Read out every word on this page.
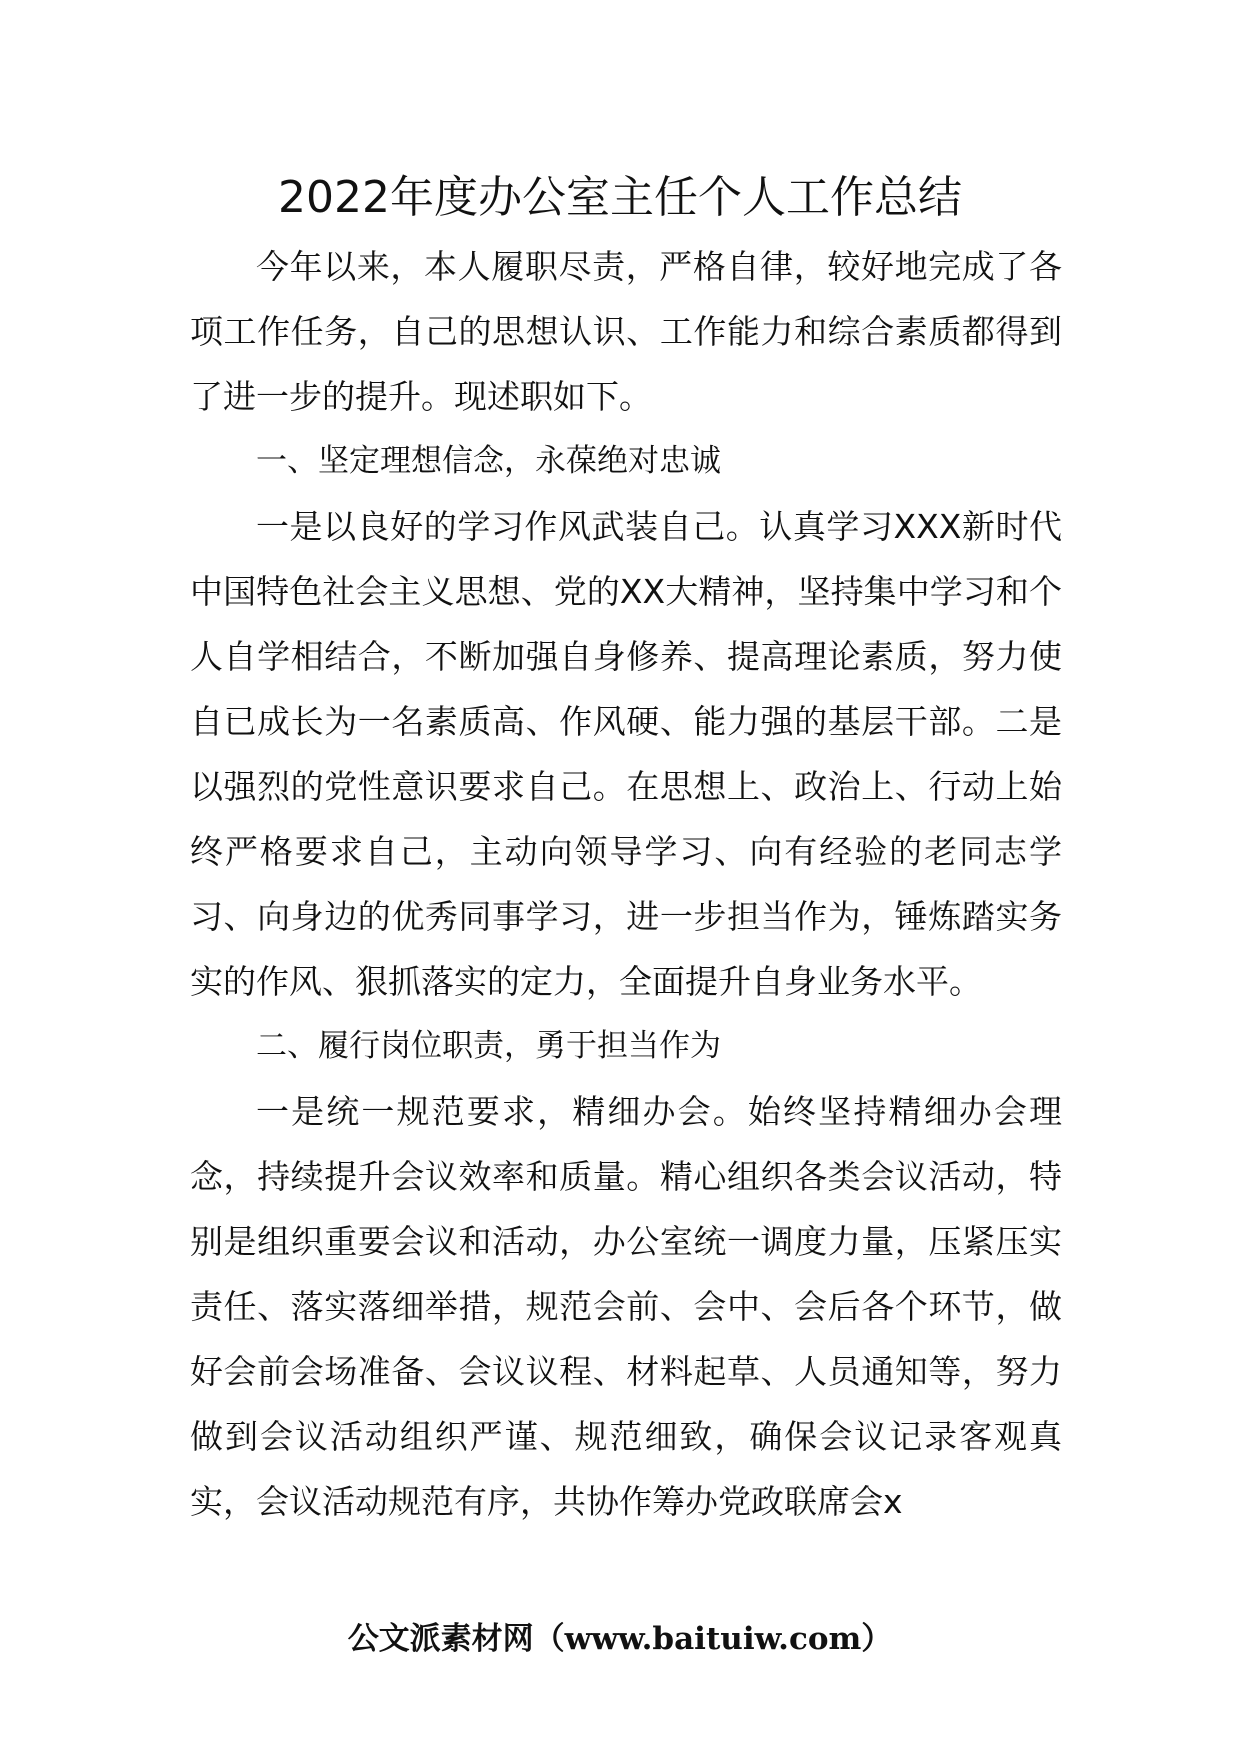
2022年度办公室主任个人工作总结

今年以来，本人履职尽责，严格自律，较好地完成了各项工作任务，自己的思想认识、工作能力和综合素质都得到了进一步的提升。现述职如下。

一、坚定理想信念，永葆绝对忠诚

一是以良好的学习作风武装自己。认真学习XXX新时代中国特色社会主义思想、党的XX大精神，坚持集中学习和个人自学相结合，不断加强自身修养、提高理论素质，努力使自已成长为一名素质高、作风硬、能力强的基层干部。二是以强烈的党性意识要求自己。在思想上、政治上、行动上始终严格要求自己，主动向领导学习、向有经验的老同志学习、向身边的优秀同事学习，进一步担当作为，锤炼踏实务实的作风、狠抓落实的定力，全面提升自身业务水平。

二、履行岗位职责，勇于担当作为

一是统一规范要求，精细办会。始终坚持精细办会理念，持续提升会议效率和质量。精心组织各类会议活动，特别是组织重要会议和活动，办公室统一调度力量，压紧压实责任、落实落细举措，规范会前、会中、会后各个环节，做好会前会场准备、会议议程、材料起草、人员通知等，努力做到会议活动组织严谨、规范细致，确保会议记录客观真实，会议活动规范有序，共协作筹办党政联席会x

公文派素材网（www.baituiw.com）
